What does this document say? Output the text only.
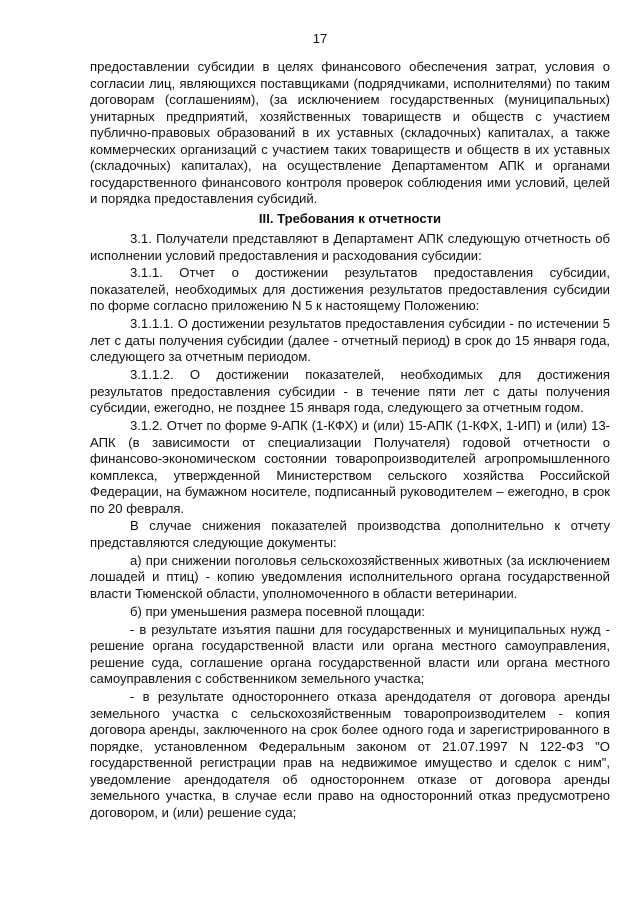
17

предоставлении субсидии в целях финансового обеспечения затрат, условия о согласии лиц, являющихся поставщиками (подрядчиками, исполнителями) по таким договорам (соглашениям), (за исключением государственных (муниципальных) унитарных предприятий, хозяйственных товариществ и обществ с участием публично-правовых образований в их уставных (складочных) капиталах, а также коммерческих организаций с участием таких товариществ и обществ в их уставных (складочных) капиталах), на осуществление Департаментом АПК и органами государственного финансового контроля проверок соблюдения ими условий, целей и порядка предоставления субсидий.

III. Требования к отчетности

3.1. Получатели представляют в Департамент АПК следующую отчетность об исполнении условий предоставления и расходования субсидии:

3.1.1. Отчет о достижении результатов предоставления субсидии, показателей, необходимых для достижения результатов предоставления субсидии по форме согласно приложению N 5 к настоящему Положению:

3.1.1.1. О достижении результатов предоставления субсидии - по истечении 5 лет с даты получения субсидии (далее - отчетный период) в срок до 15 января года, следующего за отчетным периодом.

3.1.1.2. О достижении показателей, необходимых для достижения результатов предоставления субсидии - в течение пяти лет с даты получения субсидии, ежегодно, не позднее 15 января года, следующего за отчетным годом.

3.1.2. Отчет по форме 9-АПК (1-КФХ) и (или) 15-АПК (1-КФХ, 1-ИП) и (или) 13-АПК (в зависимости от специализации Получателя) годовой отчетности о финансово-экономическом состоянии товаропроизводителей агропромышленного комплекса, утвержденной Министерством сельского хозяйства Российской Федерации, на бумажном носителе, подписанный руководителем – ежегодно, в срок по 20 февраля.

В случае снижения показателей производства дополнительно к отчету представляются следующие документы:

а) при снижении поголовья сельскохозяйственных животных (за исключением лошадей и птиц) - копию уведомления исполнительного органа государственной власти Тюменской области, уполномоченного в области ветеринарии.

б) при уменьшения размера посевной площади:

- в результате изъятия пашни для государственных и муниципальных нужд - решение органа государственной власти или органа местного самоуправления, решение суда, соглашение органа государственной власти или органа местного самоуправления с собственником земельного участка;

- в результате одностороннего отказа арендодателя от договора аренды земельного участка с сельскохозяйственным товаропроизводителем - копия договора аренды, заключенного на срок более одного года и зарегистрированного в порядке, установленном Федеральным законом от 21.07.1997 N 122-ФЗ "О государственной регистрации прав на недвижимое имущество и сделок с ним", уведомление арендодателя об одностороннем отказе от договора аренды земельного участка, в случае если право на односторонний отказ предусмотрено договором, и (или) решение суда;
